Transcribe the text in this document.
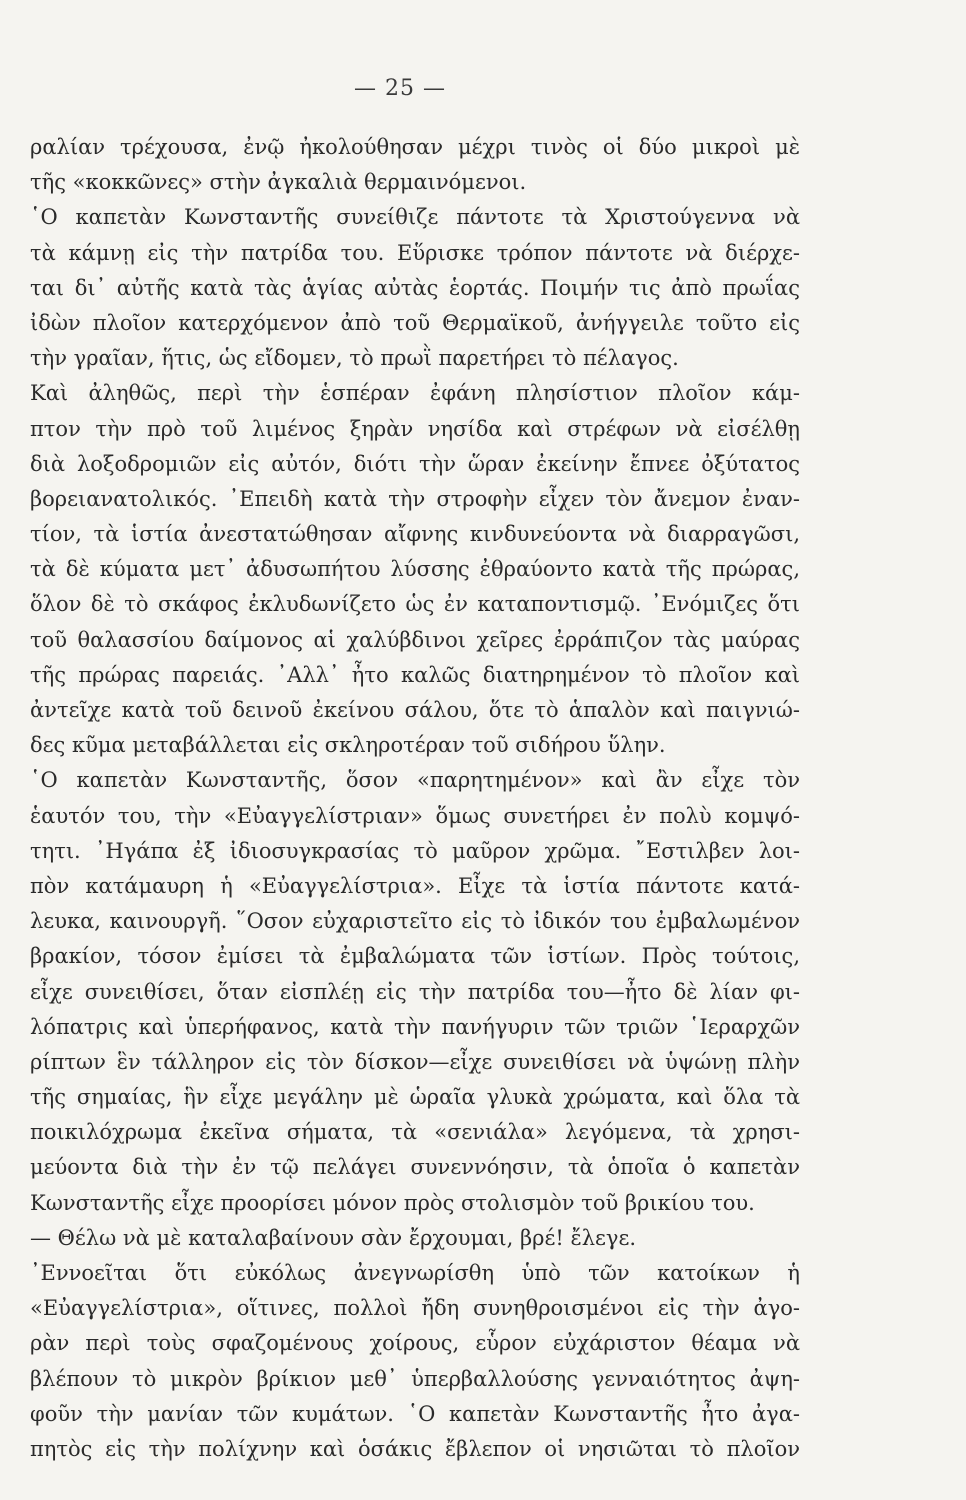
— 25 —
ραλίαν τρέχουσα, ἐνῷ ἠκολούθησαν μέχρι τινὸς οἱ δύο μικροὶ μὲ
τῆς «κοκκῶνες» στὴν ἀγκαλιὰ θερμαινόμενοι.
῾Ο καπετὰν Κωνσταντῆς συνείθιζε πάντοτε τὰ Χριστούγεννα νὰ
τὰ κάμνῃ εἰς τὴν πατρίδα του. Εὕρισκε τρόπον πάντοτε νὰ διέρχε-
ται δι᾽ αὐτῆς κατὰ τὰς ἁγίας αὐτὰς ἑορτάς. Ποιμήν τις ἀπὸ πρωΐας
ἰδὼν πλοῖον κατερχόμενον ἀπὸ τοῦ Θερμαϊκοῦ, ἀνήγγειλε τοῦτο εἰς
τὴν γραῖαν, ἥτις, ὡς εἴδομεν, τὸ πρωῒ παρετήρει τὸ πέλαγος.
Καὶ ἀληθῶς, περὶ τὴν ἑσπέραν ἐφάνη πλησίστιον πλοῖον κάμ-
πτον τὴν πρὸ τοῦ λιμένος ξηρὰν νησίδα καὶ στρέφων νὰ εἰσέλθῃ
διὰ λοξοδρομιῶν εἰς αὐτόν, διότι τὴν ὥραν ἐκείνην ἔπνεε ὀξύτατος
βορειανατολικός. ᾿Επειδὴ κατὰ τὴν στροφὴν εἶχεν τὸν ἄνεμον ἐναν-
τίον, τὰ ἱστία ἀνεστατώθησαν αἴφνης κινδυνεύοντα νὰ διαρραγῶσι,
τὰ δὲ κύματα μετ᾽ ἀδυσωπήτου λύσσης ἐθραύοντο κατὰ τῆς πρώρας,
ὅλον δὲ τὸ σκάφος ἐκλυδωνίζετο ὡς ἐν καταποντισμῷ. ᾿Ενόμιζες ὅτι
τοῦ θαλασσίου δαίμονος αἱ χαλύβδινοι χεῖρες ἐρράπιζον τὰς μαύρας
τῆς πρώρας παρειάς. ᾿Αλλ᾽ ἦτο καλῶς διατηρημένον τὸ πλοῖον καὶ
ἀντεῖχε κατὰ τοῦ δεινοῦ ἐκείνου σάλου, ὅτε τὸ ἁπαλὸν καὶ παιγνιώ-
δες κῦμα μεταβάλλεται εἰς σκληροτέραν τοῦ σιδήρου ὕλην.
῾Ο καπετὰν Κωνσταντῆς, ὅσον «παρητημένον» καὶ ἂν εἶχε τὸν
ἑαυτόν του, τὴν «Εὐαγγελίστριαν» ὅμως συνετήρει ἐν πολὺ κομψό-
τητι. ᾿Ηγάπα ἐξ ἰδιοσυγκρασίας τὸ μαῦρον χρῶμα. ῎Εστιλβεν λοι-
πὸν κατάμαυρη ἡ «Εὐαγγελίστρια». Εἶχε τὰ ἱστία πάντοτε κατά-
λευκα, καινουργῆ. ῞Οσον εὐχαριστεῖτο εἰς τὸ ἰδικόν του ἐμβαλωμένον
βρακίον, τόσον ἐμίσει τὰ ἐμβαλώματα τῶν ἱστίων. Πρὸς τούτοις,
εἶχε συνειθίσει, ὅταν εἰσπλέῃ εἰς τὴν πατρίδα του—ἦτο δὲ λίαν φι-
λόπατρις καὶ ὑπερήφανος, κατὰ τὴν πανήγυριν τῶν τριῶν ῾Ιεραρχῶν
ρίπτων ἓν τάλληρον εἰς τὸν δίσκον—εἶχε συνειθίσει νὰ ὑψώνῃ πλὴν
τῆς σημαίας, ἣν εἶχε μεγάλην μὲ ὡραῖα γλυκὰ χρώματα, καὶ ὅλα τὰ
ποικιλόχρωμα ἐκεῖνα σήματα, τὰ «σενιάλα» λεγόμενα, τὰ χρησι-
μεύοντα διὰ τὴν ἐν τῷ πελάγει συνεννόησιν, τὰ ὁποῖα ὁ καπετὰν
Κωνσταντῆς εἶχε προορίσει μόνον πρὸς στολισμὸν τοῦ βρικίου του.
— Θέλω νὰ μὲ καταλαβαίνουν σὰν ἔρχουμαι, βρέ! ἔλεγε.
᾿Εννοεῖται ὅτι εὐκόλως ἀνεγνωρίσθη ὑπὸ τῶν κατοίκων ἡ
«Εὐαγγελίστρια», οἵτινες, πολλοὶ ἤδη συνηθροισμένοι εἰς τὴν ἀγο-
ρὰν περὶ τοὺς σφαζομένους χοίρους, εὗρον εὐχάριστον θέαμα νὰ
βλέπουν τὸ μικρὸν βρίκιον μεθ᾽ ὑπερβαλλούσης γενναιότητος ἀψη-
φοῦν τὴν μανίαν τῶν κυμάτων. ῾Ο καπετὰν Κωνσταντῆς ἦτο ἀγα-
πητὸς εἰς τὴν πολίχνην καὶ ὁσάκις ἔβλεπον οἱ νησιῶται τὸ πλοῖον
